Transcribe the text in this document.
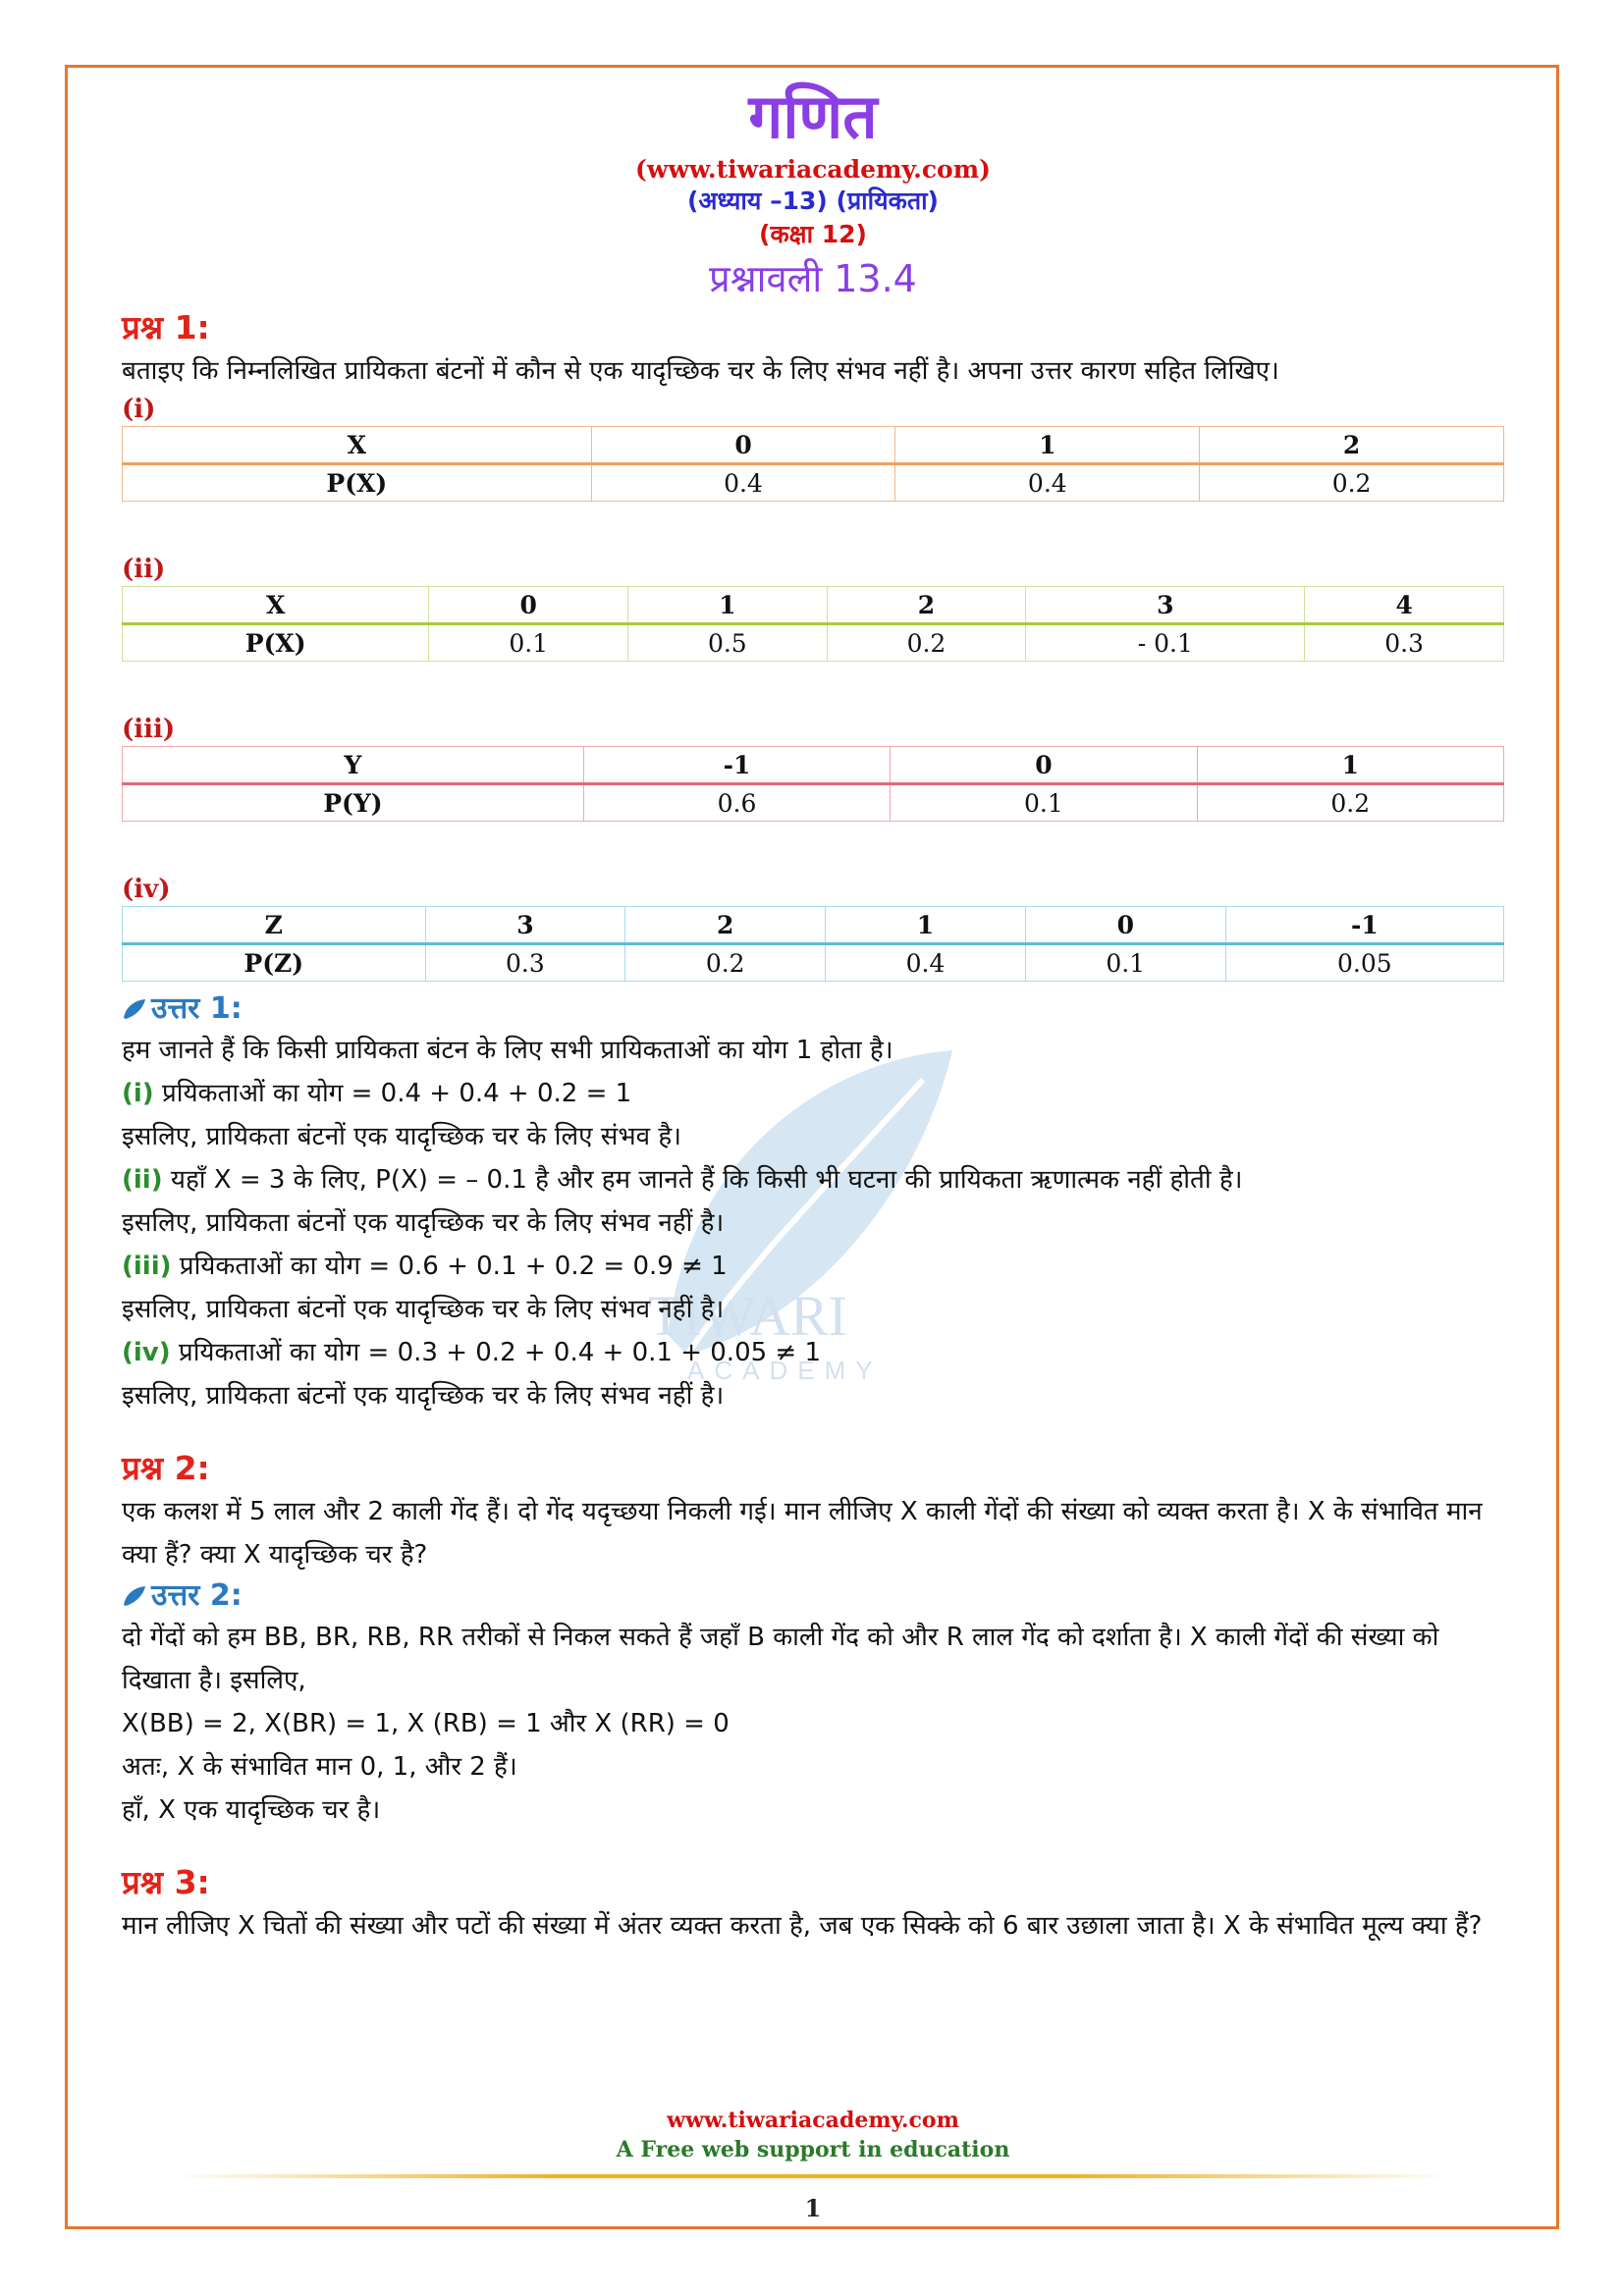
TIWARI
ACADEMY
गणित
(www.tiwariacademy.com)
(अध्याय –13) (प्रायिकता)
(कक्षा 12)
प्रश्नावली 13.4
प्रश्न 1:
बताइए कि निम्नलिखित प्रायिकता बंटनों में कौन से एक यादृच्छिक चर के लिए संभव नहीं है। अपना उत्तर कारण सहित लिखिए।
(i)
X	0	1	2
P(X)	0.4	0.4	0.2
(ii)
X	0	1	2	3	4
P(X)	0.1	0.5	0.2	- 0.1	0.3
(iii)
Y	-1	0	1
P(Y)	0.6	0.1	0.2
(iv)
Z	3	2	1	0	-1
P(Z)	0.3	0.2	0.4	0.1	0.05
उत्तर 1:
हम जानते हैं कि किसी प्रायिकता बंटन के लिए सभी प्रायिकताओं का योग 1 होता है।
(i) प्रयिकताओं का योग = 0.4 + 0.4 + 0.2 = 1
इसलिए, प्रायिकता बंटनों एक यादृच्छिक चर के लिए संभव है।
(ii) यहाँ X = 3 के लिए, P(X) = – 0.1 है और हम जानते हैं कि किसी भी घटना की प्रायिकता ऋणात्मक नहीं होती है।
इसलिए, प्रायिकता बंटनों एक यादृच्छिक चर के लिए संभव नहीं है।
(iii) प्रयिकताओं का योग = 0.6 + 0.1 + 0.2 = 0.9 ≠ 1
इसलिए, प्रायिकता बंटनों एक यादृच्छिक चर के लिए संभव नहीं है।
(iv) प्रयिकताओं का योग = 0.3 + 0.2 + 0.4 + 0.1 + 0.05 ≠ 1
इसलिए, प्रायिकता बंटनों एक यादृच्छिक चर के लिए संभव नहीं है।
प्रश्न 2:
एक कलश में 5 लाल और 2 काली गेंद हैं। दो गेंद यदृच्छया निकली गई। मान लीजिए X काली गेंदों की संख्या को व्यक्त करता है। X के संभावित मान क्या हैं? क्या X यादृच्छिक चर है?
उत्तर 2:
दो गेंदों को हम BB, BR, RB, RR तरीकों से निकल सकते हैं जहाँ B काली गेंद को और R लाल गेंद को दर्शाता है। X काली गेंदों की संख्या को दिखाता है। इसलिए,
X(BB) = 2, X(BR) = 1, X (RB) = 1 और X (RR) = 0
अतः, X के संभावित मान 0, 1, और 2 हैं।
हाँ, X एक यादृच्छिक चर है।
प्रश्न 3:
मान लीजिए X चितों की संख्या और पटों की संख्या में अंतर व्यक्त करता है, जब एक सिक्के को 6 बार उछाला जाता है। X के संभावित मूल्य क्या हैं?
www.tiwariacademy.com
A Free web support in education
1
